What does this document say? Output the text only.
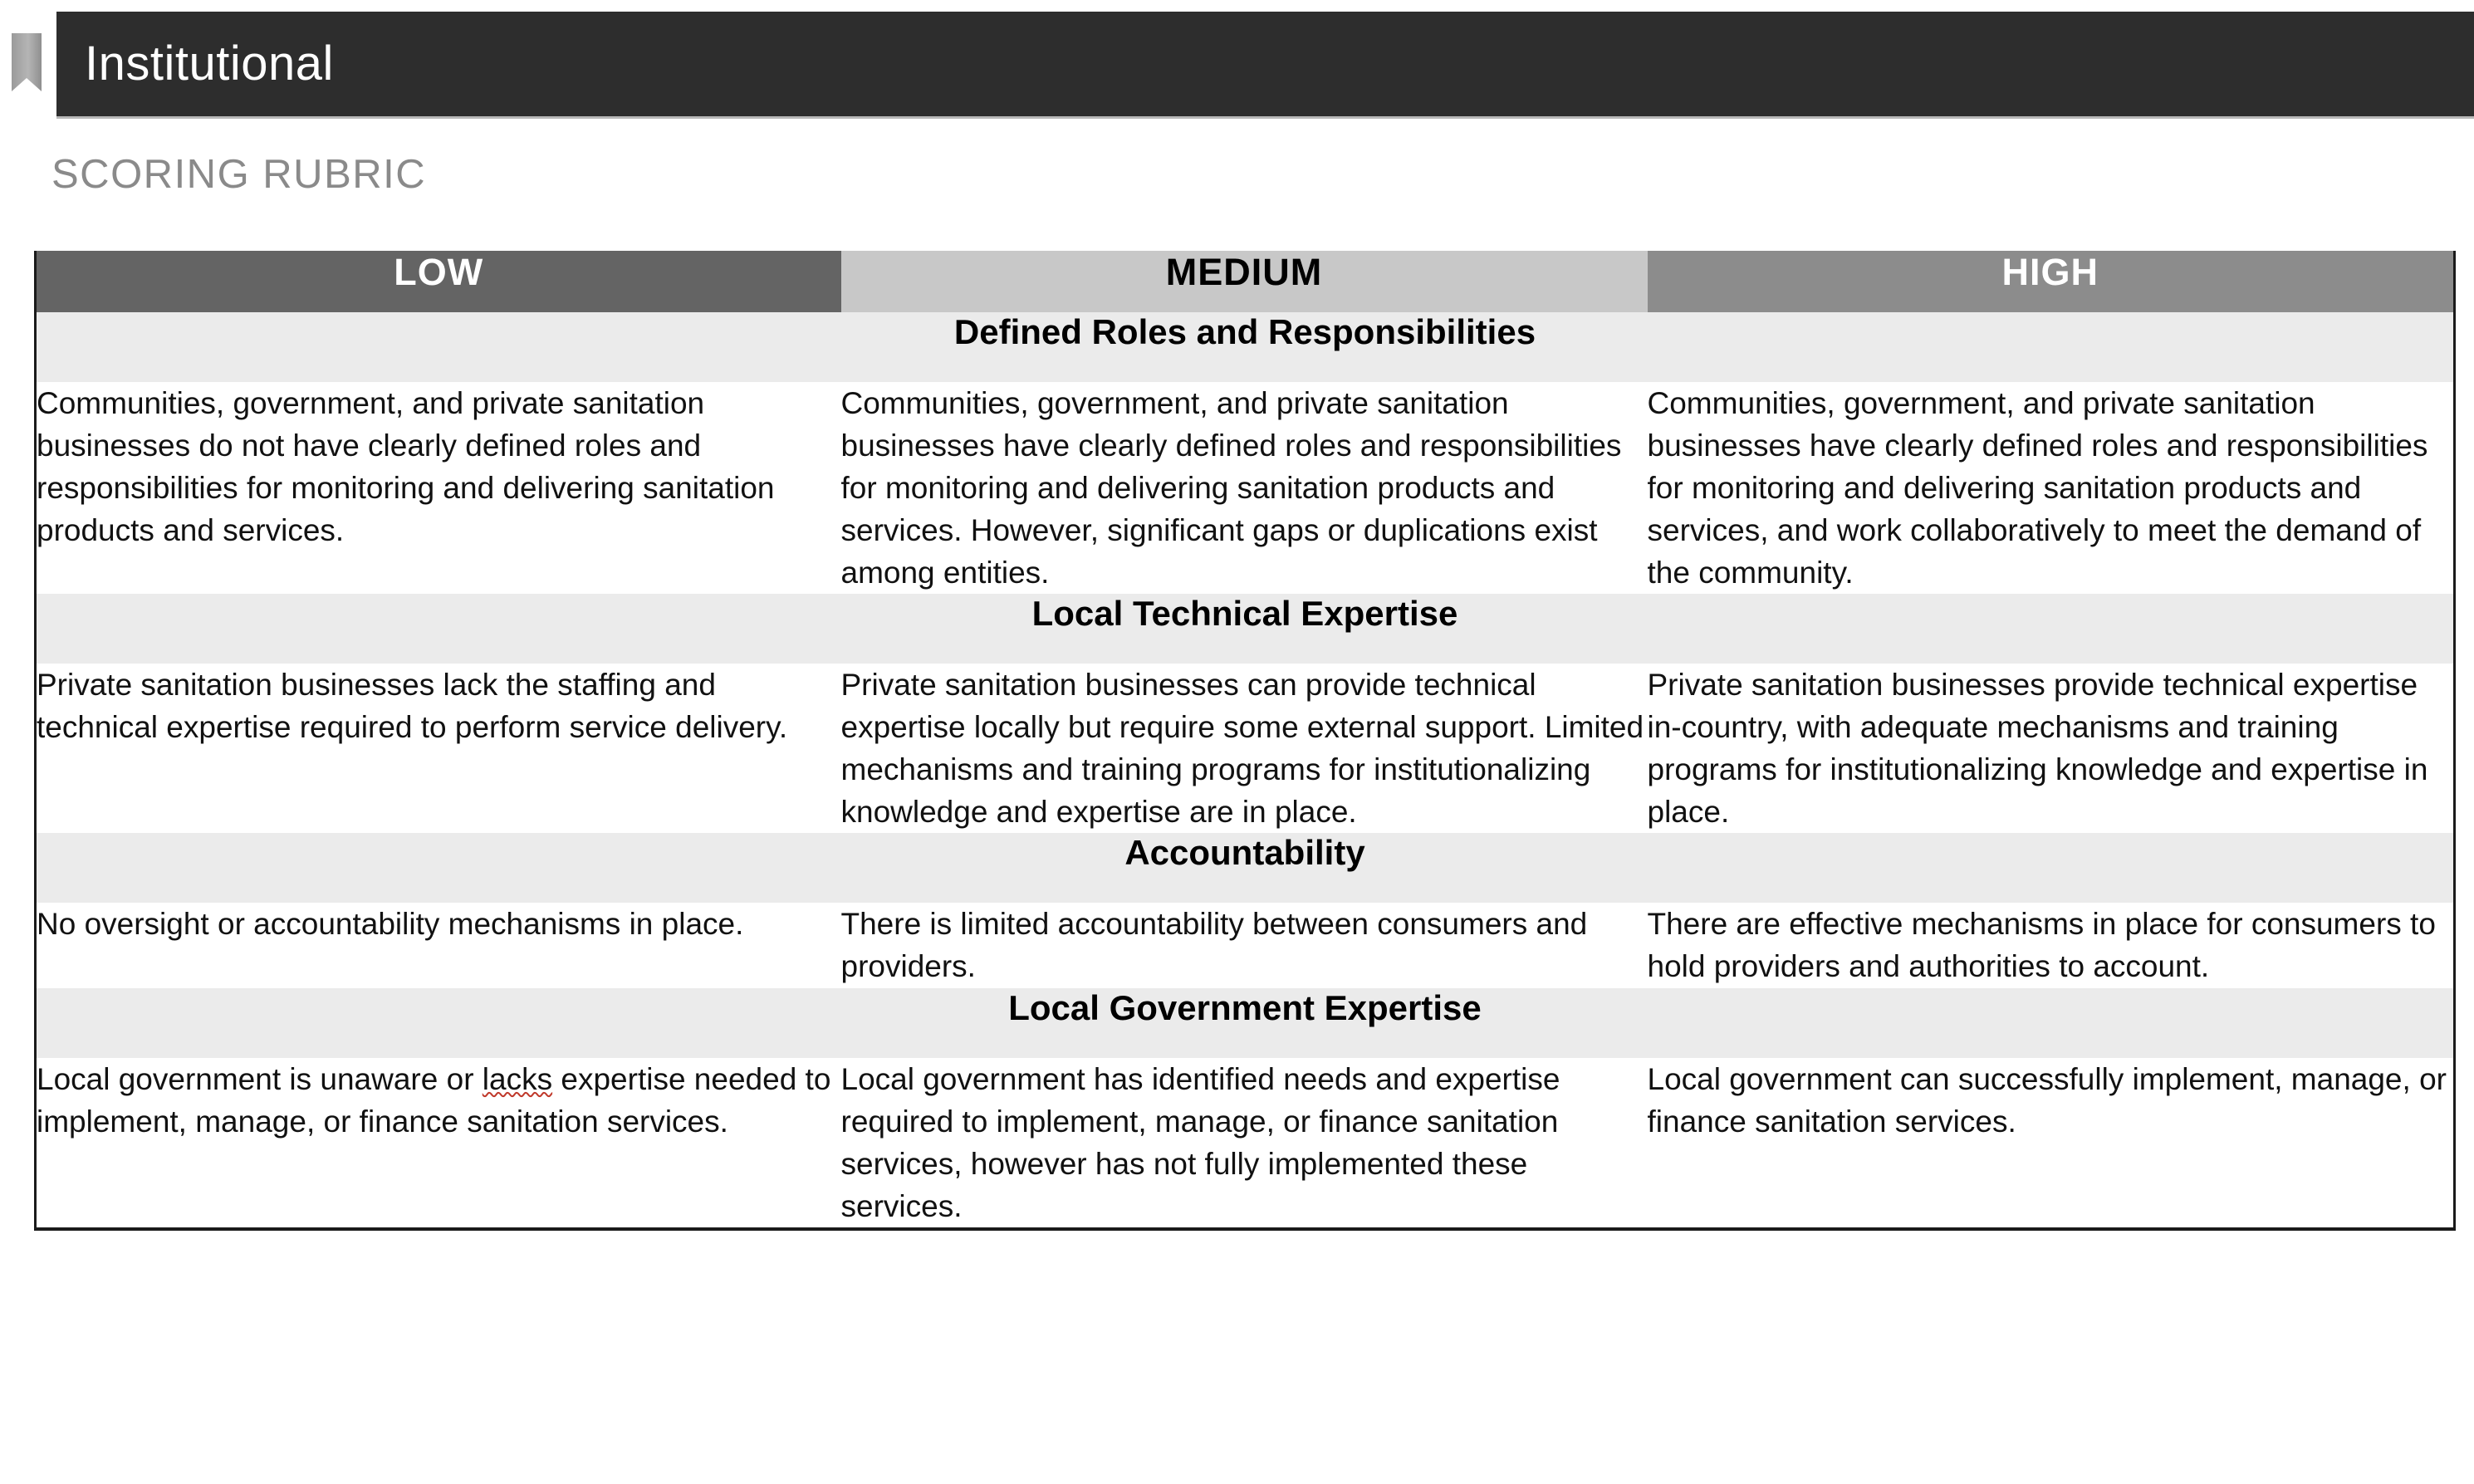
Institutional
SCORING RUBRIC
LOW	MEDIUM	HIGH
Defined Roles and Responsibilities		
Communities, government, and private sanitation businesses do not have clearly defined roles and responsibilities for monitoring and delivering sanitation products and services.	Communities, government, and private sanitation businesses have clearly defined roles and responsibilities for monitoring and delivering sanitation products and services. However, significant gaps or duplications exist among entities.	Communities, government, and private sanitation businesses have clearly defined roles and responsibilities for monitoring and delivering sanitation products and services, and work collaboratively to meet the demand of the community.
Local Technical Expertise		
Private sanitation businesses lack the staffing and technical expertise required to perform service delivery.	Private sanitation businesses can provide technical expertise locally but require some external support. Limited mechanisms and training programs for institutionalizing knowledge and expertise are in place.	Private sanitation businesses provide technical expertise in-country, with adequate mechanisms and training programs for institutionalizing knowledge and expertise in place.
Accountability		
No oversight or accountability mechanisms in place.	There is limited accountability between consumers and providers.	There are effective mechanisms in place for consumers to hold providers and authorities to account.
Local Government Expertise		
Local government is unaware or lacks expertise needed to implement, manage, or finance sanitation services.	Local government has identified needs and expertise required to implement, manage, or finance sanitation services, however has not fully implemented these services.	Local government can successfully implement, manage, or finance sanitation services.
